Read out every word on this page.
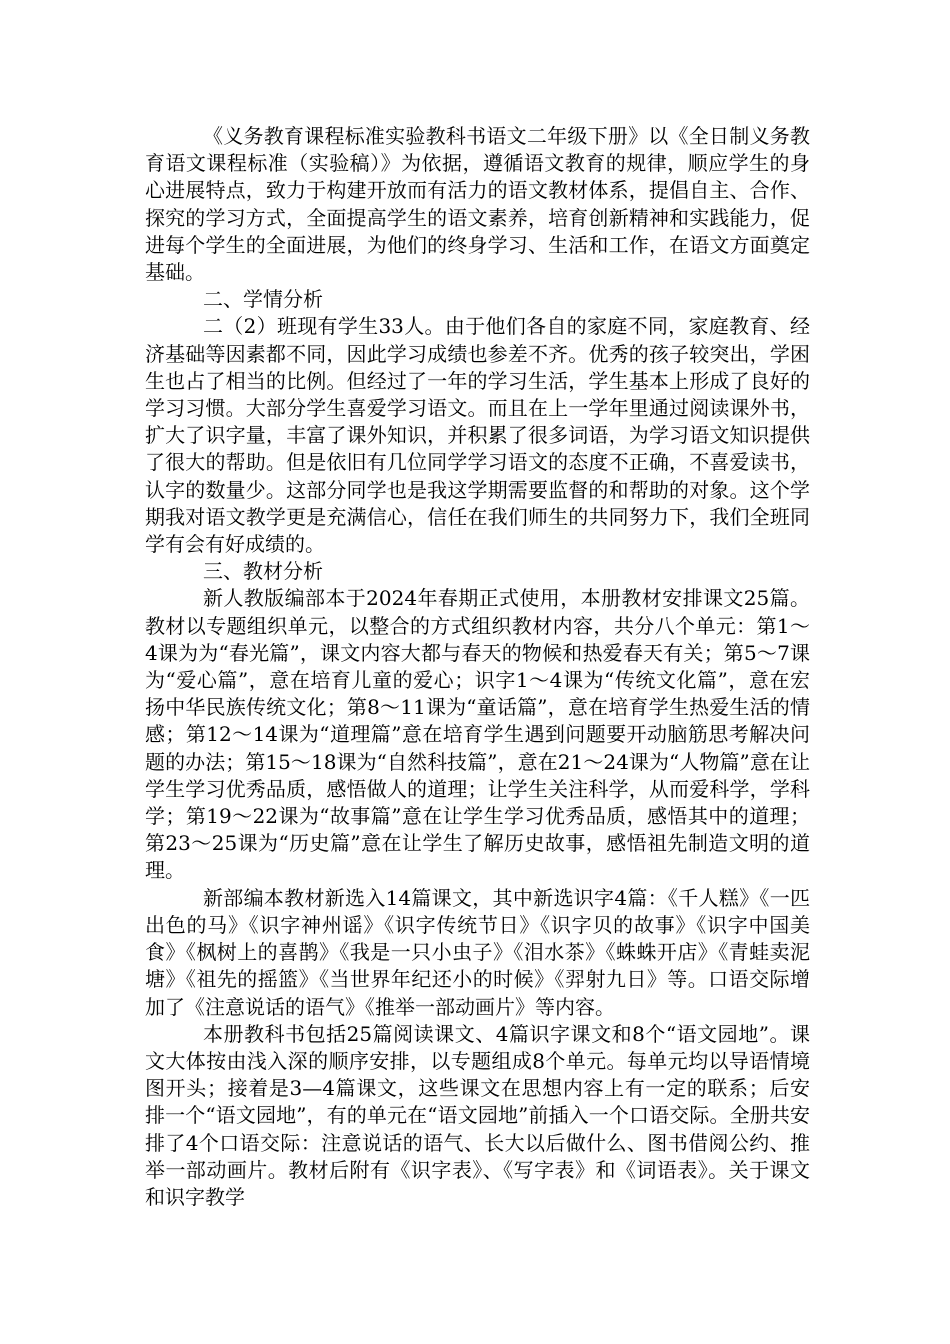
《义务教育课程标准实验教科书语文二年级下册》以《全日制义务教育语文课程标准（实验稿）》为依据，遵循语文教育的规律，顺应学生的身心进展特点，致力于构建开放而有活力的语文教材体系，提倡自主、合作、探究的学习方式，全面提高学生的语文素养，培育创新精神和实践能力，促进每个学生的全面进展，为他们的终身学习、生活和工作，在语文方面奠定基础。

二、学情分析

二（2）班现有学生33人。由于他们各自的家庭不同，家庭教育、经济基础等因素都不同，因此学习成绩也参差不齐。优秀的孩子较突出，学困生也占了相当的比例。但经过了一年的学习生活，学生基本上形成了良好的学习习惯。大部分学生喜爱学习语文。而且在上一学年里通过阅读课外书，扩大了识字量，丰富了课外知识，并积累了很多词语，为学习语文知识提供了很大的帮助。但是依旧有几位同学学习语文的态度不正确，不喜爱读书，认字的数量少。这部分同学也是我这学期需要监督的和帮助的对象。这个学期我对语文教学更是充满信心，信任在我们师生的共同努力下，我们全班同学有会有好成绩的。

三、教材分析

新人教版编部本于2024年春期正式使用，本册教材安排课文25篇。教材以专题组织单元，以整合的方式组织教材内容，共分八个单元：第1～4课为为“春光篇”，课文内容大都与春天的物候和热爱春天有关；第5～7课为“爱心篇”，意在培育儿童的爱心；识字1～4课为“传统文化篇”，意在宏扬中华民族传统文化；第8～11课为“童话篇”，意在培育学生热爱生活的情感；第12～14课为“道理篇”意在培育学生遇到问题要开动脑筋思考解决问题的办法；第15～18课为“自然科技篇”，意在21～24课为“人物篇”意在让学生学习优秀品质，感悟做人的道理；让学生关注科学，从而爱科学，学科学；第19～22课为“故事篇”意在让学生学习优秀品质，感悟其中的道理；第23～25课为“历史篇”意在让学生了解历史故事，感悟祖先制造文明的道理。

新部编本教材新选入14篇课文，其中新选识字4篇：《千人糕》《一匹出色的马》《识字神州谣》《识字传统节日》《识字贝的故事》《识字中国美食》《枫树上的喜鹊》《我是一只小虫子》《泪水茶》《蛛蛛开店》《青蛙卖泥塘》《祖先的摇篮》《当世界年纪还小的时候》《羿射九日》等。口语交际增加了《注意说话的语气》《推举一部动画片》等内容。

本册教科书包括25篇阅读课文、4篇识字课文和8个“语文园地”。课文大体按由浅入深的顺序安排，以专题组成8个单元。每单元均以导语情境图开头；接着是3—4篇课文，这些课文在思想内容上有一定的联系；后安排一个“语文园地”，有的单元在“语文园地”前插入一个口语交际。全册共安排了4个口语交际：注意说话的语气、长大以后做什么、图书借阅公约、推举一部动画片。教材后附有《识字表》、《写字表》和《词语表》。关于课文和识字教学
